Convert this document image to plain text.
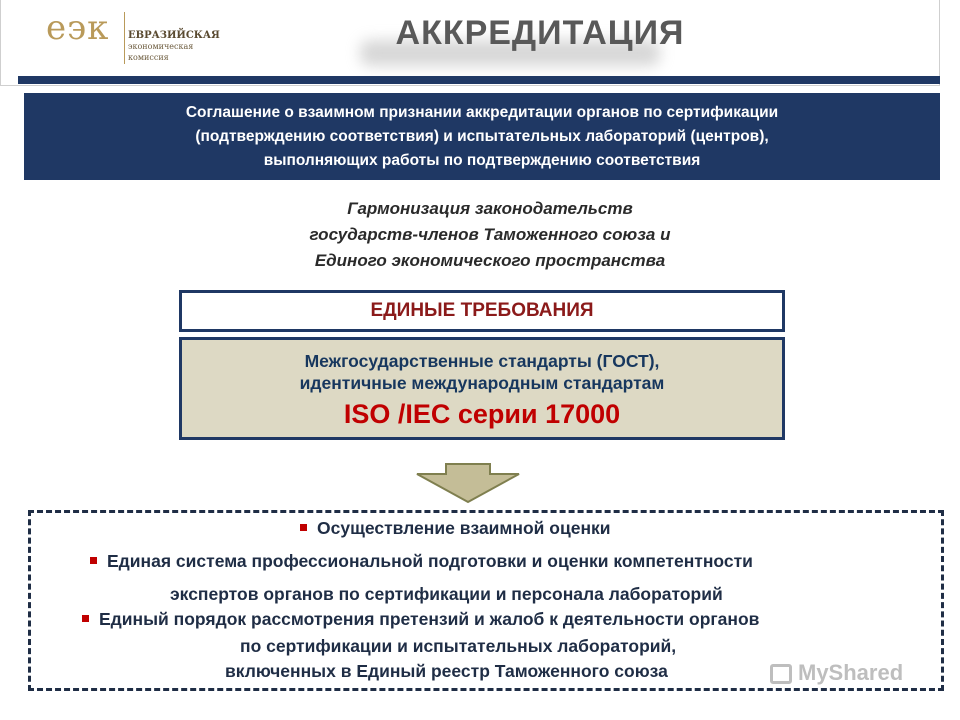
еэк ЕВРАЗИЙСКАЯ
экономическая
комиссия
АККРЕДИТАЦИЯ
Соглашение о взаимном признании аккредитации органов по сертификации
(подтверждению соответствия) и испытательных лабораторий (центров),
выполняющих работы по подтверждению соответствия
Гармонизация законодательств
государств-членов Таможенного союза и
Единого экономического пространства
ЕДИНЫЕ ТРЕБОВАНИЯ
Межгосударственные стандарты (ГОСТ),
идентичные международным стандартам
ISO /IEC серии 17000
Осуществление взаимной оценки
Единая система профессиональной подготовки и оценки компетентности
экспертов органов по сертификации и персонала лабораторий
Единый порядок рассмотрения претензий и жалоб к деятельности органов
по сертификации и испытательных лабораторий,
включенных в Единый реестр Таможенного союза	MyShared
